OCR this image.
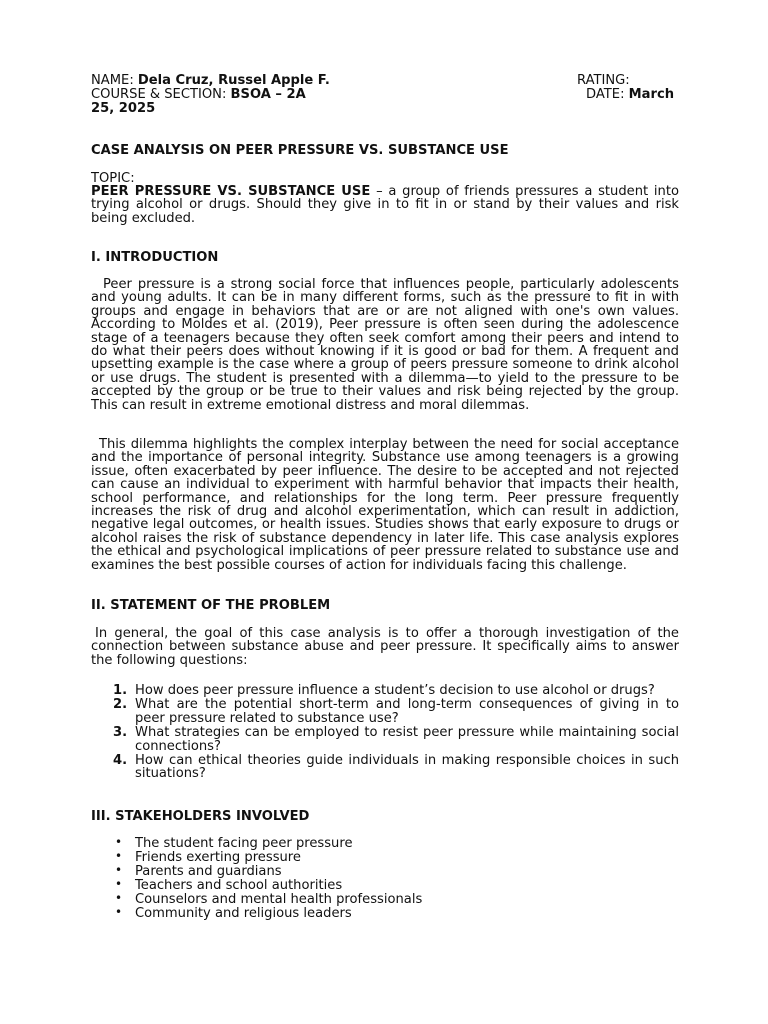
NAME: Dela Cruz, Russel Apple F.	RATING:
COURSE & SECTION: BSOA – 2A	DATE: March
25, 2025
CASE ANALYSIS ON PEER PRESSURE VS. SUBSTANCE USE
TOPIC:
PEER PRESSURE VS. SUBSTANCE USE – a group of friends pressures a student into trying alcohol or drugs. Should they give in to fit in or stand by their values and risk being excluded.
I. INTRODUCTION
Peer pressure is a strong social force that influences people, particularly adolescents and young adults. It can be in many different forms, such as the pressure to fit in with groups and engage in behaviors that are or are not aligned with one's own values. According to Moldes et al. (2019), Peer pressure is often seen during the adolescence stage of a teenagers because they often seek comfort among their peers and intend to do what their peers does without knowing if it is good or bad for them. A frequent and upsetting example is the case where a group of peers pressure someone to drink alcohol or use drugs. The student is presented with a dilemma—to yield to the pressure to be accepted by the group or be true to their values and risk being rejected by the group. This can result in extreme emotional distress and moral dilemmas.
This dilemma highlights the complex interplay between the need for social acceptance and the importance of personal integrity. Substance use among teenagers is a growing issue, often exacerbated by peer influence. The desire to be accepted and not rejected can cause an individual to experiment with harmful behavior that impacts their health, school performance, and relationships for the long term. Peer pressure frequently increases the risk of drug and alcohol experimentation, which can result in addiction, negative legal outcomes, or health issues. Studies shows that early exposure to drugs or alcohol raises the risk of substance dependency in later life. This case analysis explores the ethical and psychological implications of peer pressure related to substance use and examines the best possible courses of action for individuals facing this challenge.
II. STATEMENT OF THE PROBLEM
In general, the goal of this case analysis is to offer a thorough investigation of the connection between substance abuse and peer pressure. It specifically aims to answer the following questions:
1. How does peer pressure influence a student’s decision to use alcohol or drugs?
2. What are the potential short-term and long-term consequences of giving in to peer pressure related to substance use?
3. What strategies can be employed to resist peer pressure while maintaining social connections?
4. How can ethical theories guide individuals in making responsible choices in such situations?
III. STAKEHOLDERS INVOLVED
• The student facing peer pressure
• Friends exerting pressure
• Parents and guardians
• Teachers and school authorities
• Counselors and mental health professionals
• Community and religious leaders
